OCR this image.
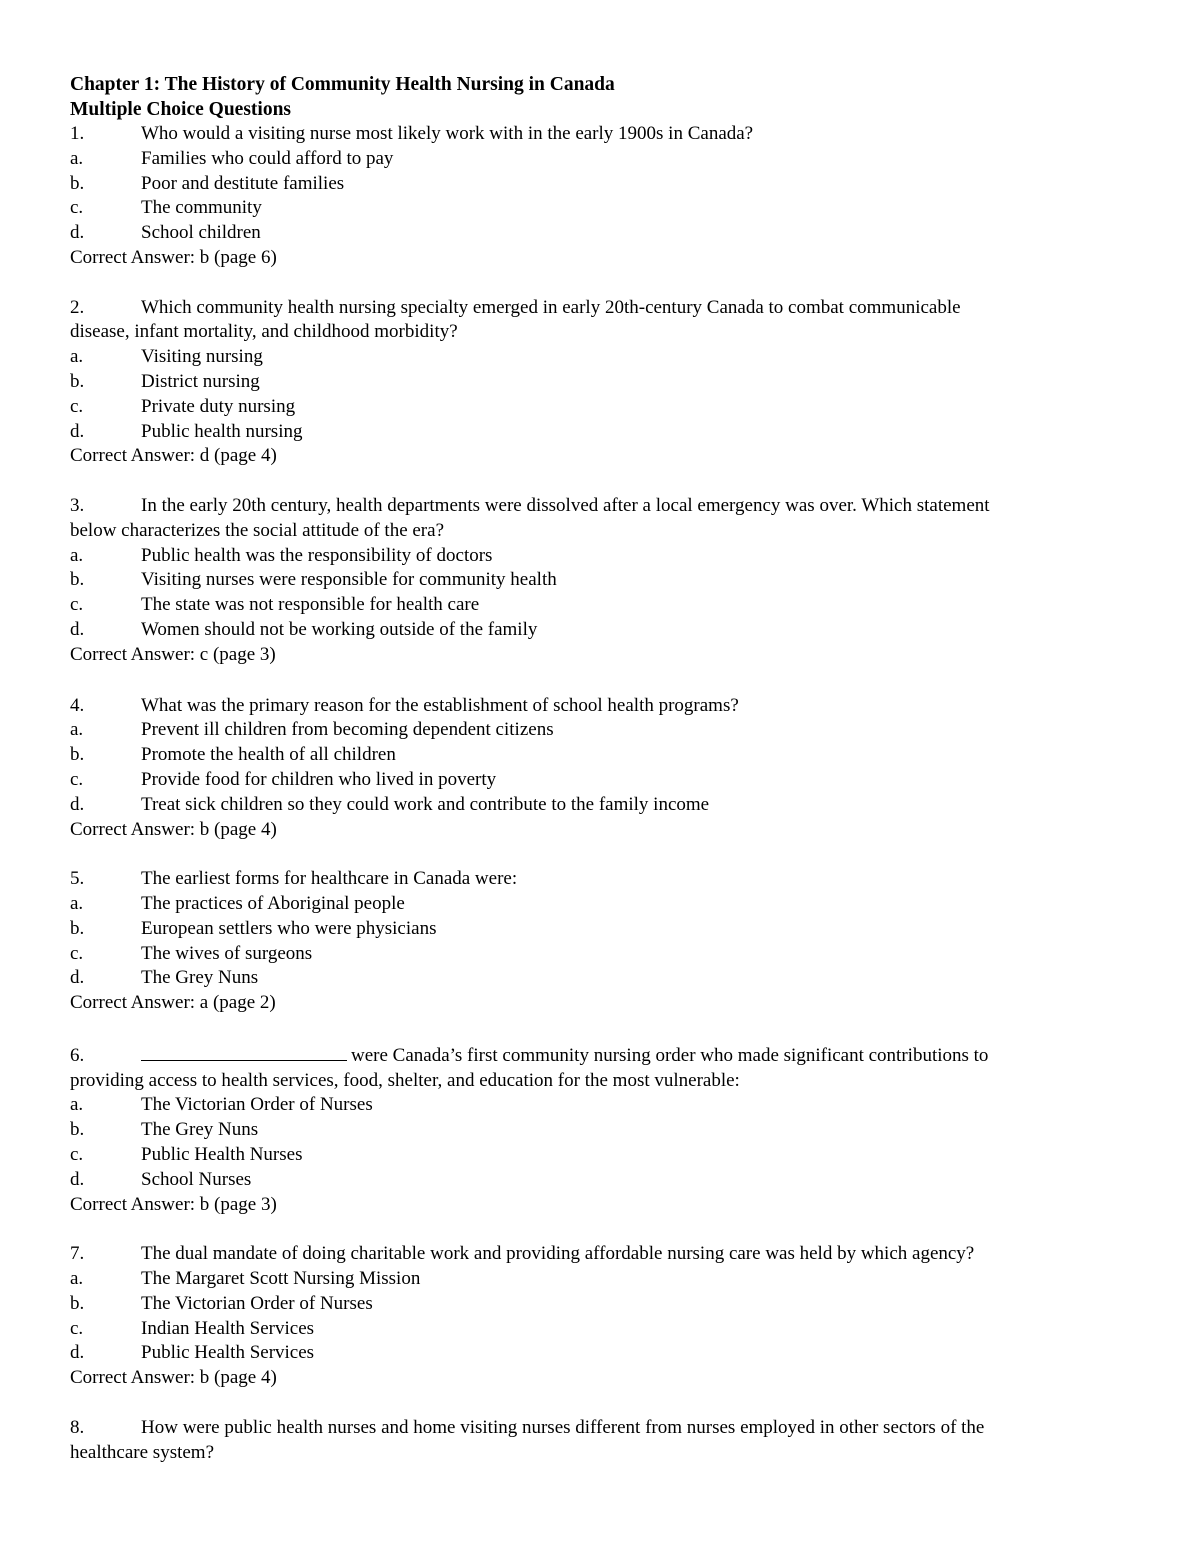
Chapter 1: The History of Community Health Nursing in Canada
Multiple Choice Questions
1.	Who would a visiting nurse most likely work with in the early 1900s in Canada?
a.	Families who could afford to pay
b.	Poor and destitute families
c.	The community
d.	School children
Correct Answer: b (page 6)
2.	Which community health nursing specialty emerged in early 20th-century Canada to combat communicable
disease, infant mortality, and childhood morbidity?
a.	Visiting nursing
b.	District nursing
c.	Private duty nursing
d.	Public health nursing
Correct Answer: d (page 4)
3.	In the early 20th century, health departments were dissolved after a local emergency was over. Which statement
below characterizes the social attitude of the era?
a.	Public health was the responsibility of doctors
b.	Visiting nurses were responsible for community health
c.	The state was not responsible for health care
d.	Women should not be working outside of the family
Correct Answer: c (page 3)
4.	What was the primary reason for the establishment of school health programs?
a.	Prevent ill children from becoming dependent citizens
b.	Promote the health of all children
c.	Provide food for children who lived in poverty
d.	Treat sick children so they could work and contribute to the family income
Correct Answer: b (page 4)
5.	The earliest forms for healthcare in Canada were:
a.	The practices of Aboriginal people
b.	European settlers who were physicians
c.	The wives of surgeons
d.	The Grey Nuns
Correct Answer: a (page 2)
6.	were Canada’s first community nursing order who made significant contributions to
providing access to health services, food, shelter, and education for the most vulnerable:
a.	The Victorian Order of Nurses
b.	The Grey Nuns
c.	Public Health Nurses
d.	School Nurses
Correct Answer: b (page 3)
7.	The dual mandate of doing charitable work and providing affordable nursing care was held by which agency?
a.	The Margaret Scott Nursing Mission
b.	The Victorian Order of Nurses
c.	Indian Health Services
d.	Public Health Services
Correct Answer: b (page 4)
8.	How were public health nurses and home visiting nurses different from nurses employed in other sectors of the
healthcare system?
